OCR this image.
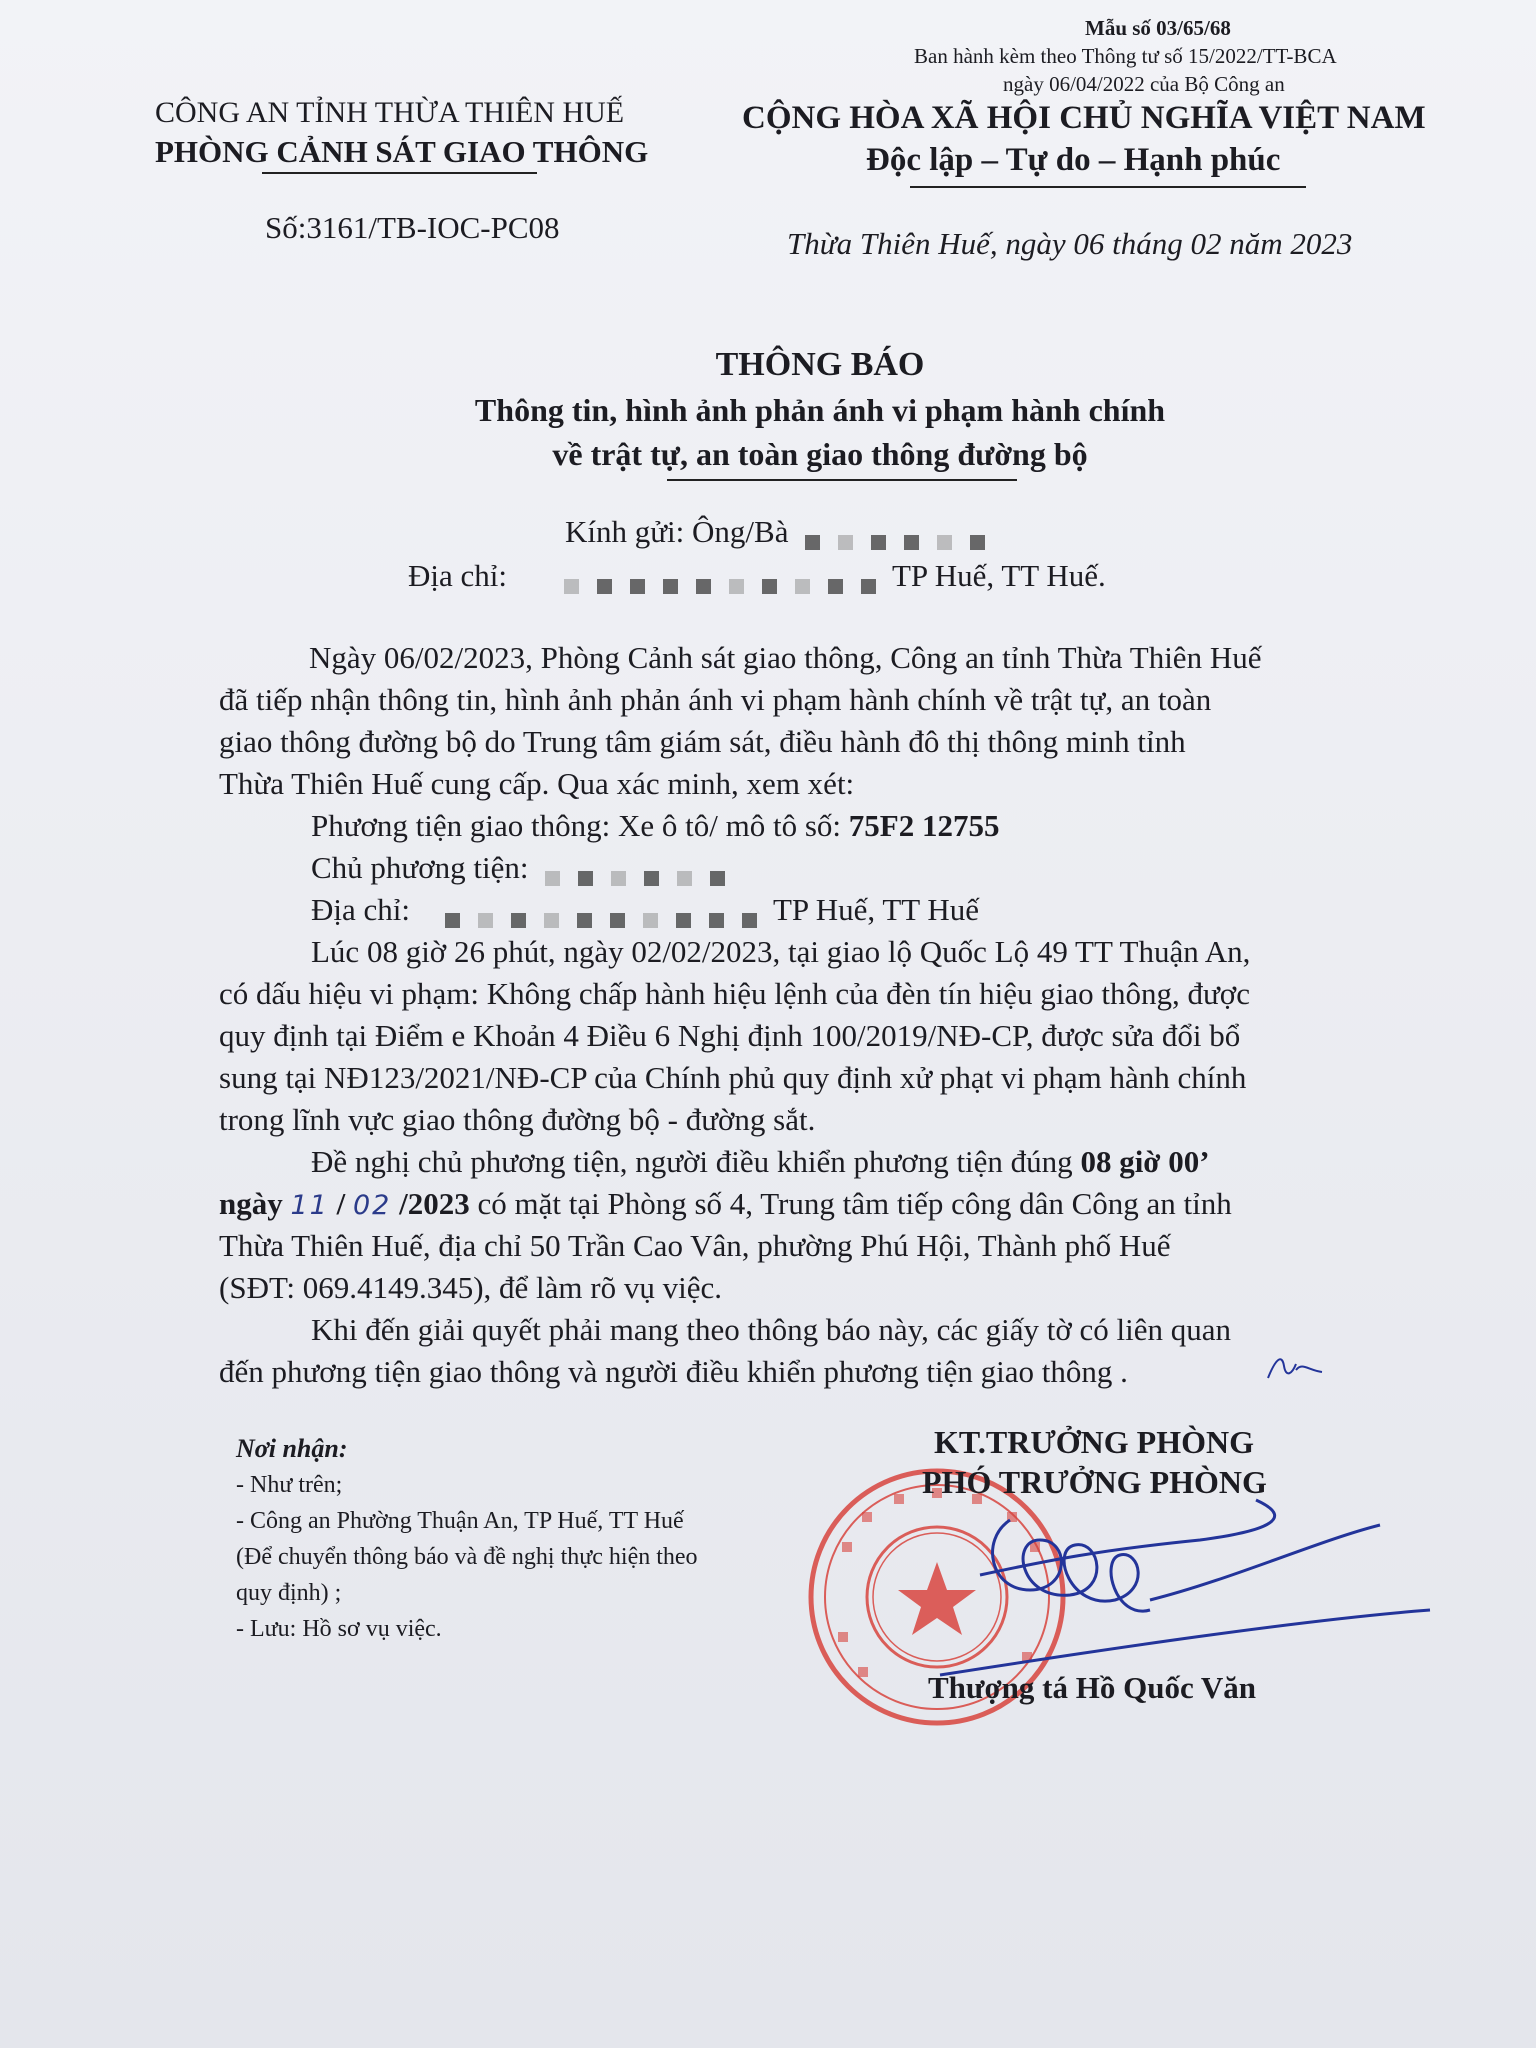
Mẫu số 03/65/68
Ban hành kèm theo Thông tư số 15/2022/TT-BCA
ngày 06/04/2022 của Bộ Công an
CÔNG AN TỈNH THỪA THIÊN HUẾ
PHÒNG CẢNH SÁT GIAO THÔNG
CỘNG HÒA XÃ HỘI CHỦ NGHĨA VIỆT NAM
Độc lập – Tự do – Hạnh phúc
Số:3161/TB-IOC-PC08	Thừa Thiên Huế, ngày 06 tháng 02 năm 2023
THÔNG BÁO
Thông tin, hình ảnh phản ánh vi phạm hành chính
về trật tự, an toàn giao thông đường bộ
Kính gửi: Ông/Bà
Địa chỉ:	TP Huế, TT Huế.
Ngày 06/02/2023, Phòng Cảnh sát giao thông, Công an tỉnh Thừa Thiên Huế
đã tiếp nhận thông tin, hình ảnh phản ánh vi phạm hành chính về trật tự, an toàn
giao thông đường bộ do Trung tâm giám sát, điều hành đô thị thông minh tỉnh
Thừa Thiên Huế cung cấp. Qua xác minh, xem xét:
Phương tiện giao thông: Xe ô tô/ mô tô số: 75F2 12755
Chủ phương tiện:
Địa chỉ:	TP Huế, TT Huế
Lúc 08 giờ 26 phút, ngày 02/02/2023, tại giao lộ Quốc Lộ 49 TT Thuận An,
có dấu hiệu vi phạm: Không chấp hành hiệu lệnh của đèn tín hiệu giao thông, được
quy định tại Điểm e Khoản 4 Điều 6 Nghị định 100/2019/NĐ-CP, được sửa đổi bổ
sung tại NĐ123/2021/NĐ-CP của Chính phủ quy định xử phạt vi phạm hành chính
trong lĩnh vực giao thông đường bộ - đường sắt.
Đề nghị chủ phương tiện, người điều khiển phương tiện đúng 08 giờ 00’
ngày 11 / 02 /2023 có mặt tại Phòng số 4, Trung tâm tiếp công dân Công an tỉnh
Thừa Thiên Huế, địa chỉ 50 Trần Cao Vân, phường Phú Hội, Thành phố Huế
(SĐT: 069.4149.345), để làm rõ vụ việc.
Khi đến giải quyết phải mang theo thông báo này, các giấy tờ có liên quan
đến phương tiện giao thông và người điều khiển phương tiện giao thông .
Nơi nhận:
- Như trên;
- Công an Phường Thuận An, TP Huế, TT Huế
(Để chuyển thông báo và đề nghị thực hiện theo
quy định) ;
- Lưu: Hồ sơ vụ việc.
KT.TRƯỞNG PHÒNG
PHÓ TRƯỞNG PHÒNG
Thượng tá Hồ Quốc Văn
